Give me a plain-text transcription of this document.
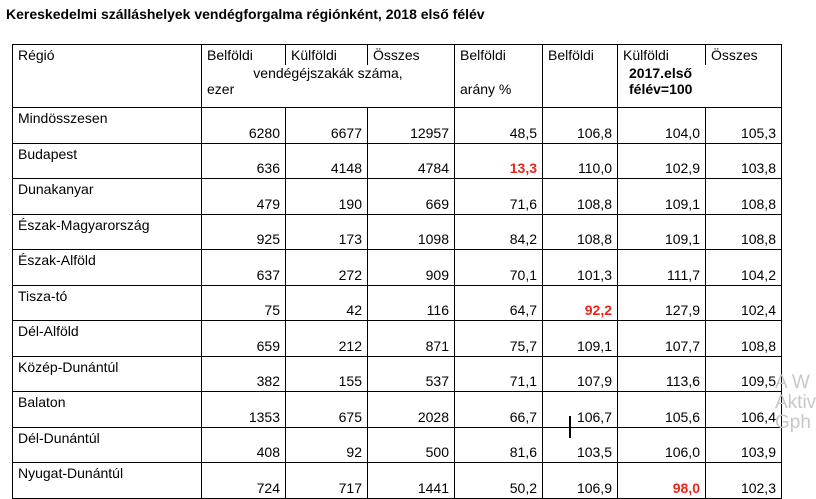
Kereskedelmi szálláshelyek vendégforgalma régiónként, 2018 első félév
Régió	Belföldi	Külföldi	Összes	Belföldi	Belföldi	Külföldi	Összes

	vendégéjszakák száma,
ezer			arány %		2017.első
félév=100	

Mindösszesen	6280	6677	12957	48,5	106,8	104,0	105,3
Budapest	636	4148	4784	13,3	110,0	102,9	103,8
Dunakanyar	479	190	669	71,6	108,8	109,1	108,8
Észak-Magyarország	925	173	1098	84,2	108,8	109,1	108,8
Észak-Alföld	637	272	909	70,1	101,3	111,7	104,2
Tisza-tó	75	42	116	64,7	92,2	127,9	102,4
Dél-Alföld	659	212	871	75,7	109,1	107,7	108,8
Közép-Dunántúl	382	155	537	71,1	107,9	113,6	109,5
Balaton	1353	675	2028	66,7	106,7	105,6	106,4
Dél-Dunántúl	408	92	500	81,6	103,5	106,0	103,9
Nyugat-Dunántúl	724	717	1441	50,2	106,9	98,0	102,3
A W Aktiv Gph
